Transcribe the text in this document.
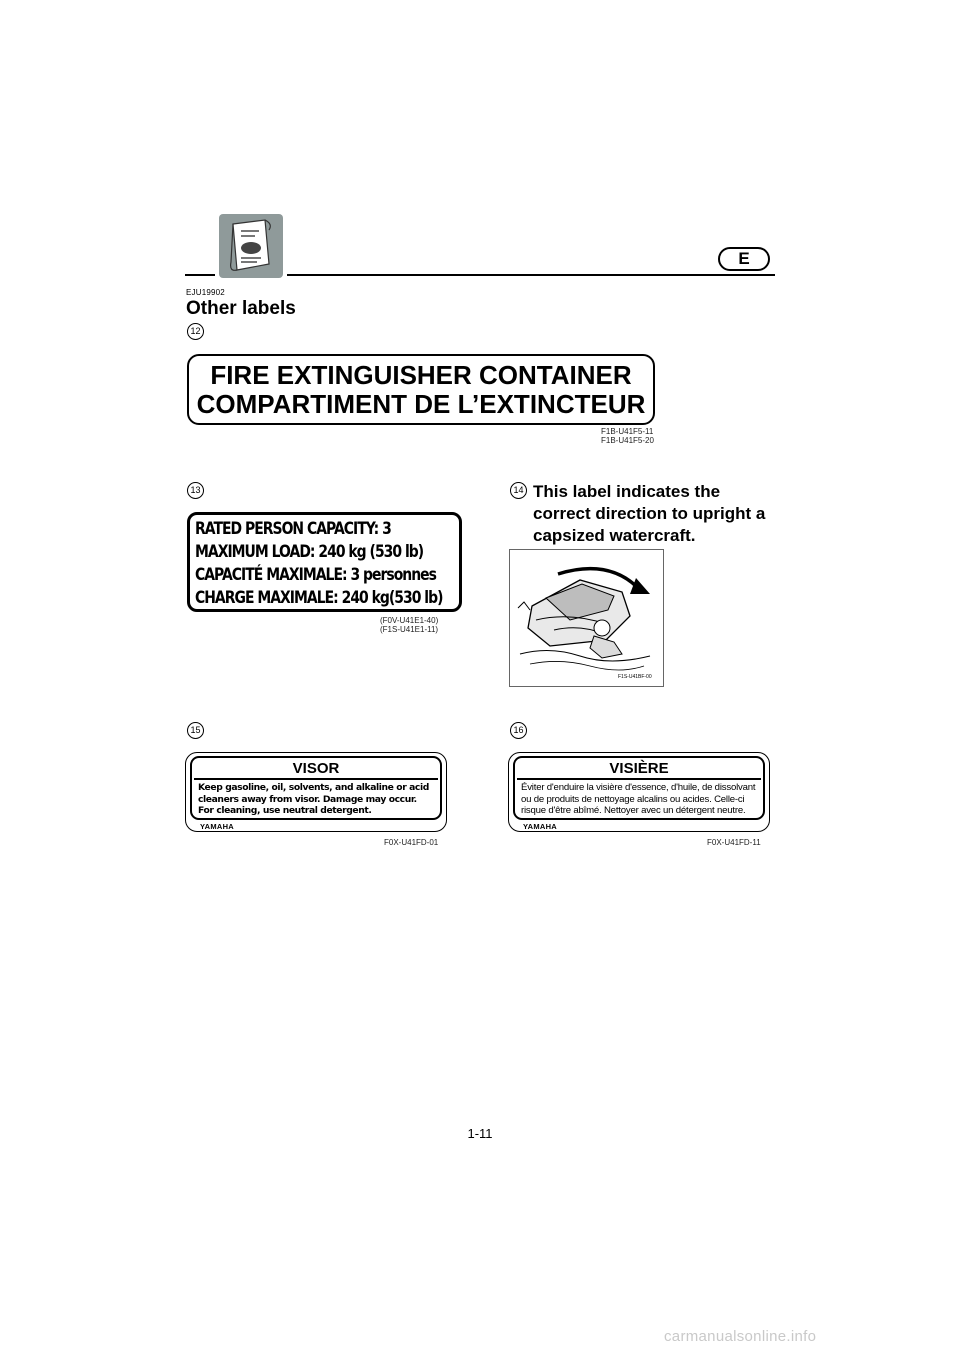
E
EJU19902
Other labels
12
FIRE EXTINGUISHER CONTAINER
COMPARTIMENT DE L’EXTINCTEUR
F1B-U41F5-11
F1B-U41F5-20
13
RATED PERSON CAPACITY: 3
MAXIMUM LOAD: 240 kg (530 lb)
CAPACITÉ MAXIMALE: 3 personnes
CHARGE MAXIMALE: 240 kg(530 lb)
(F0V-U41E1-40)
(F1S-U41E1-11)
14 This label indicates the correct direction to upright a capsized watercraft.
F1S-U41BF-00
15
VISOR
Keep gasoline, oil, solvents, and alkaline or acid cleaners away from visor. Damage may occur. For cleaning, use neutral detergent.
YAMAHA
F0X-U41FD-01
16
VISIÈRE
Éviter d'enduire la visière d'essence, d'huile, de dissolvant ou de produits de nettoyage alcalins ou acides. Celle-ci risque d'être abîmé. Nettoyer avec un détergent neutre.
YAMAHA
F0X-U41FD-11
1-11
carmanualsonline.info
